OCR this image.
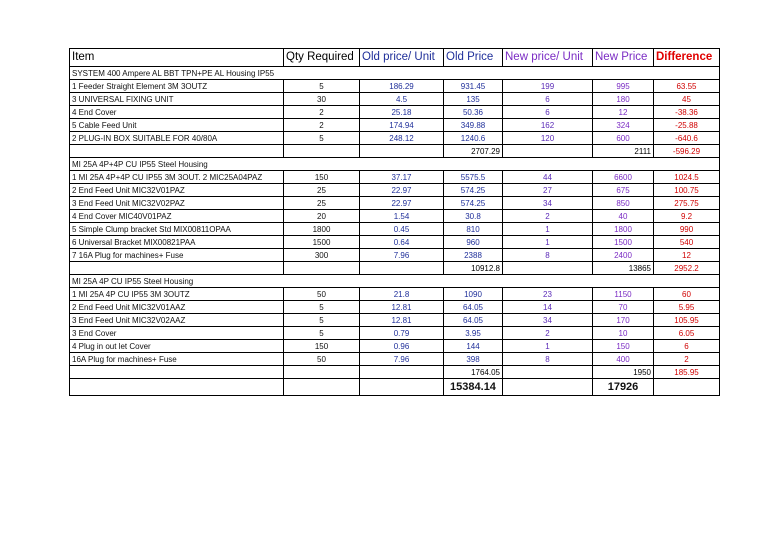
Item	Qty Required	Old price/ Unit	Old Price	New price/ Unit	New Price	Difference
SYSTEM 400 Ampere AL BBT TPN+PE AL Housing IP55						
1 Feeder Straight Element 3M 3OUTZ	5	186.29	931.45	199	995	63.55
3 UNIVERSAL FIXING UNIT	30	4.5	135	6	180	45
4 End Cover	2	25.18	50.36	6	12	-38.36
5 Cable Feed Unit	2	174.94	349.88	162	324	-25.88
2 PLUG-IN BOX SUITABLE FOR 40/80A	5	248.12	1240.6	120	600	-640.6
			2707.29		2111	-596.29
MI 25A 4P+4P CU IP55 Steel Housing						
1 MI 25A 4P+4P CU IP55 3M 3OUT. 2 MIC25A04PAZ	150	37.17	5575.5	44	6600	1024.5
2 End Feed Unit MIC32V01PAZ	25	22.97	574.25	27	675	100.75
3 End Feed Unit MIC32V02PAZ	25	22.97	574.25	34	850	275.75
4 End Cover MIC40V01PAZ	20	1.54	30.8	2	40	9.2
5 Simple Clump bracket Std MIX00811OPAA	1800	0.45	810	1	1800	990
6 Universal Bracket MIX00821PAA	1500	0.64	960	1	1500	540
7 16A Plug for machines+ Fuse	300	7.96	2388	8	2400	12
			10912.8		13865	2952.2
MI 25A 4P CU IP55 Steel Housing						
1 MI 25A 4P CU IP55 3M 3OUTZ	50	21.8	1090	23	1150	60
2 End Feed Unit MIC32V01AAZ	5	12.81	64.05	14	70	5.95
3 End Feed Unit MIC32V02AAZ	5	12.81	64.05	34	170	105.95
3 End Cover	5	0.79	3.95	2	10	6.05
4 Plug in out let Cover	150	0.96	144	1	150	6
16A Plug for machines+ Fuse	50	7.96	398	8	400	2
			1764.05		1950	185.95
			15384.14		17926	
